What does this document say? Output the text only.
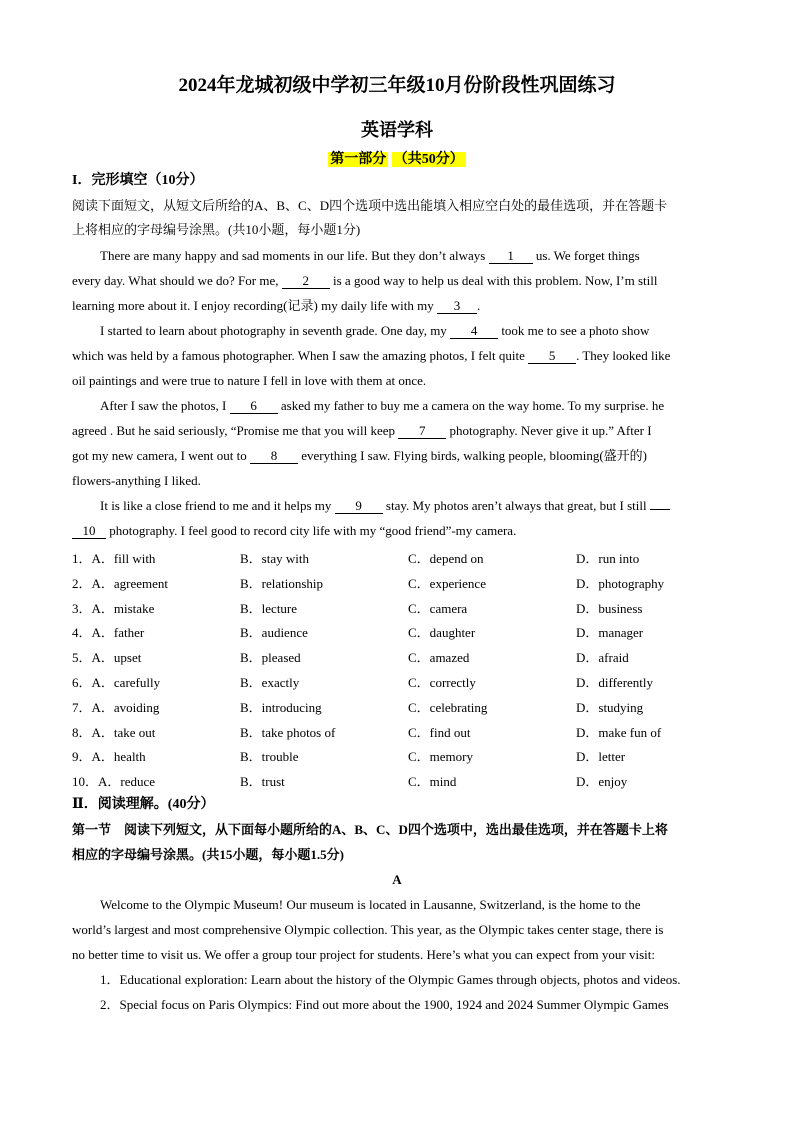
2024年龙城初级中学初三年级10月份阶段性巩固练习
英语学科
第一部分 （共50分）
I．完形填空（10分）
阅读下面短文，从短文后所给的A、B、C、D四个选项中选出能填入相应空白处的最佳选项，并在答题卡
上将相应的字母编号涂黑。(共10小题，每小题1分)
There are many happy and sad moments in our life. But they don’t always 1 us. We forget things
every day. What should we do? For me, 2 is a good way to help us deal with this problem. Now, I’m still
learning more about it. I enjoy recording(记录) my daily life with my 3 .
I started to learn about photography in seventh grade. One day, my 4 took me to see a photo show
which was held by a famous photographer. When I saw the amazing photos, I felt quite 5 . They looked like
oil paintings and were true to nature I fell in love with them at once.
After I saw the photos, I 6 asked my father to buy me a camera on the way home. To my surprise. he
agreed . But he said seriously, “Promise me that you will keep 7 photography. Never give it up.” After I
got my new camera, I went out to 8 everything I saw. Flying birds, walking people, blooming(盛开的)
flowers-anything I liked.
It is like a close friend to me and it helps my 9 stay. My photos aren’t always that great, but I still
10 photography. I feel good to record city life with my “good friend”-my camera.
1．A．fill with	B．stay with	C．depend on	D．run into
2．A．agreement	B．relationship	C．experience	D．photography
3．A．mistake	B．lecture	C．camera	D．business
4．A．father	B．audience	C．daughter	D．manager
5．A．upset	B．pleased	C．amazed	D．afraid
6．A．carefully	B．exactly	C．correctly	D．differently
7．A．avoiding	B．introducing	C．celebrating	D．studying
8．A．take out	B．take photos of	C．find out	D．make fun of
9．A．health	B．trouble	C．memory	D．letter
10．A．reduce	B．trust	C．mind	D．enjoy
Ⅱ．阅读理解。(40分）
第一节　阅读下列短文，从下面每小题所给的A、B、C、D四个选项中，选出最佳选项，并在答题卡上将
相应的字母编号涂黑。(共15小题，每小题1.5分)
A
Welcome to the Olympic Museum! Our museum is located in Lausanne, Switzerland, is the home to the
world’s largest and most comprehensive Olympic collection. This year, as the Olympic takes center stage, there is
no better time to visit us. We offer a group tour project for students. Here’s what you can expect from your visit:
1．Educational exploration: Learn about the history of the Olympic Games through objects, photos and videos.
2．Special focus on Paris Olympics: Find out more about the 1900, 1924 and 2024 Summer Olympic Games
